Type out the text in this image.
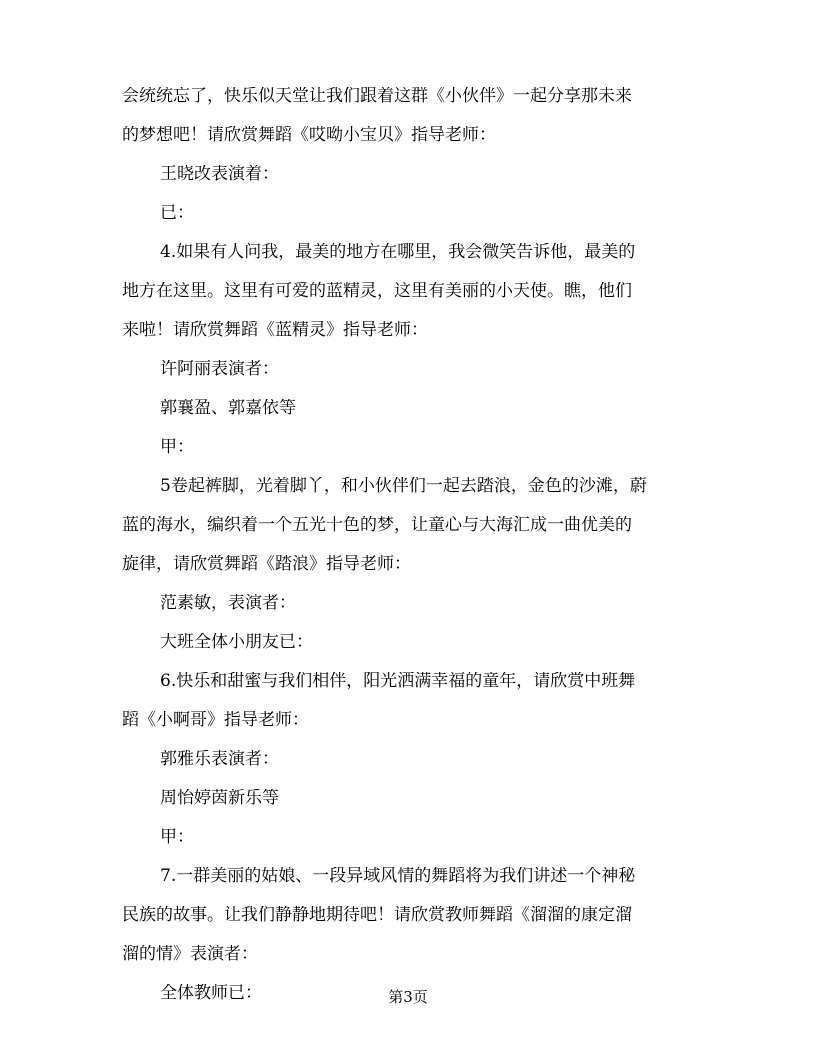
会统统忘了，快乐似天堂让我们跟着这群《小伙伴》一起分享那未来
的梦想吧！请欣赏舞蹈《哎呦小宝贝》指导老师：
王晓改表演着：
已：
4.如果有人问我，最美的地方在哪里，我会微笑告诉他，最美的
地方在这里。这里有可爱的蓝精灵，这里有美丽的小天使。瞧，他们
来啦！请欣赏舞蹈《蓝精灵》指导老师：
许阿丽表演者：
郭襄盈、郭嘉依等
甲：
5卷起裤脚，光着脚丫，和小伙伴们一起去踏浪，金色的沙滩，蔚
蓝的海水，编织着一个五光十色的梦，让童心与大海汇成一曲优美的
旋律，请欣赏舞蹈《踏浪》指导老师：
范素敏，表演者：
大班全体小朋友已：
6.快乐和甜蜜与我们相伴，阳光洒满幸福的童年，请欣赏中班舞
蹈《小啊哥》指导老师：
郭雅乐表演者：
周怡婷茵新乐等
甲：
7.一群美丽的姑娘、一段异域风情的舞蹈将为我们讲述一个神秘
民族的故事。让我们静静地期待吧！请欣赏教师舞蹈《溜溜的康定溜
溜的情》表演者：
全体教师已：	第3页
